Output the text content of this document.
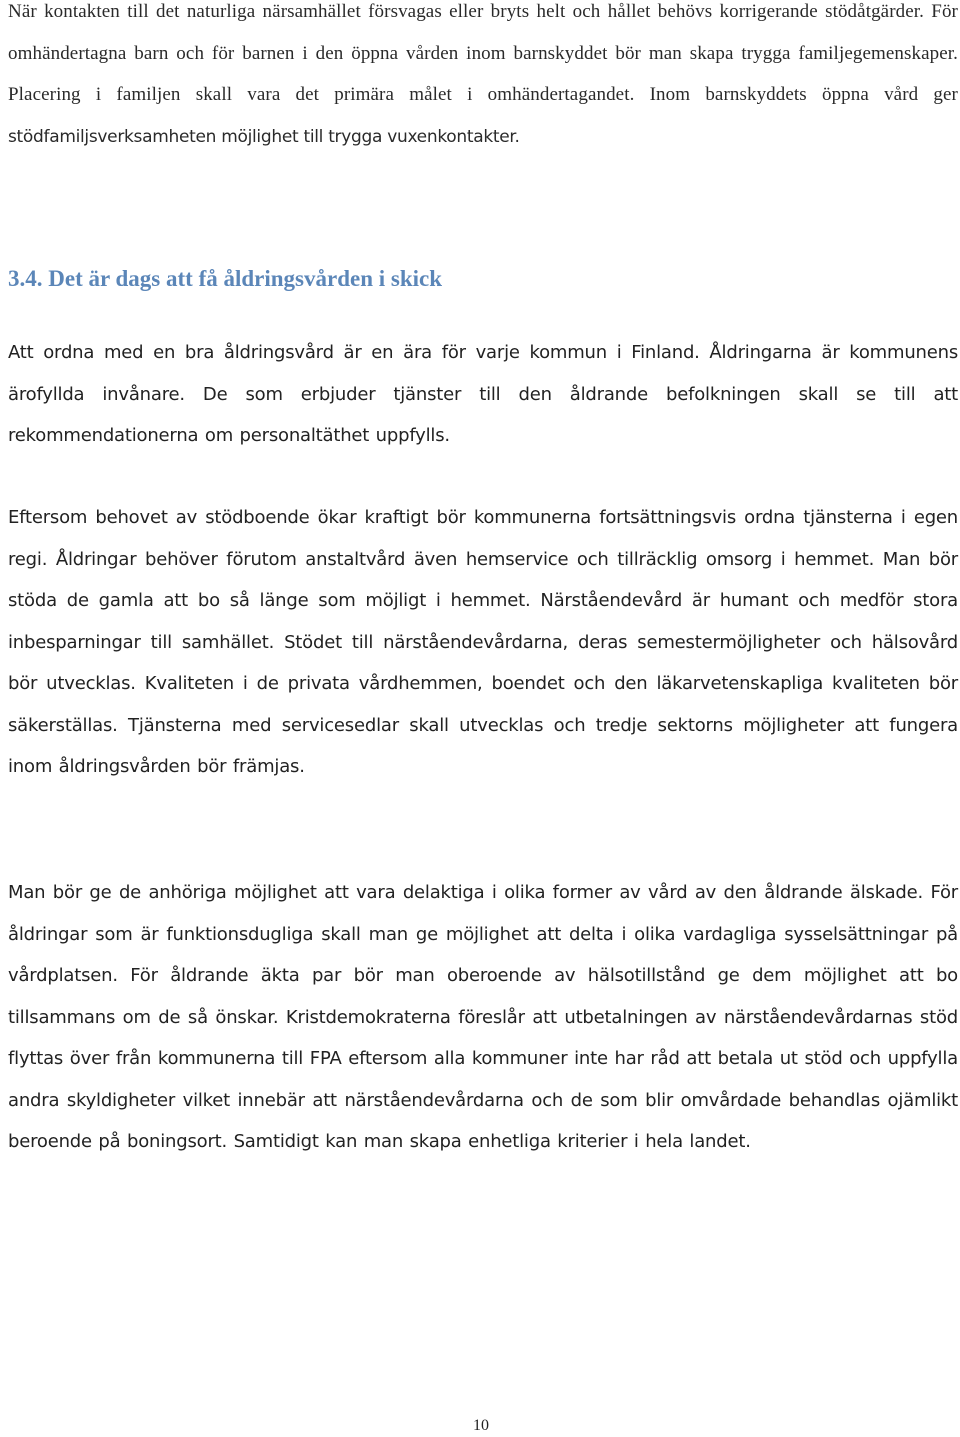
När kontakten till det naturliga närsamhället försvagas eller bryts helt och hållet behövs korrigerande stödåtgärder. För omhändertagna barn och för barnen i den öppna vården inom barnskyddet bör man skapa trygga familjegemenskaper. Placering i familjen skall vara det primära målet i omhändertagandet. Inom barnskyddets öppna vård ger stödfamiljsverksamheten möjlighet till trygga vuxenkontakter.

3.4. Det är dags att få åldringsvården i skick

Att ordna med en bra åldringsvård är en ära för varje kommun i Finland. Åldringarna är kommunens ärofyllda invånare. De som erbjuder tjänster till den åldrande befolkningen skall se till att rekommendationerna om personaltäthet uppfylls.

Eftersom behovet av stödboende ökar kraftigt bör kommunerna fortsättningsvis ordna tjänsterna i egen regi. Åldringar behöver förutom anstaltvård även hemservice och tillräcklig omsorg i hemmet. Man bör stöda de gamla att bo så länge som möjligt i hemmet. Närståendevård är humant och medför stora inbesparningar till samhället. Stödet till närståendevårdarna, deras semestermöjligheter och hälsovård bör utvecklas. Kvaliteten i de privata vårdhemmen, boendet och den läkarvetenskapliga kvaliteten bör säkerställas. Tjänsterna med servicesedlar skall utvecklas och tredje sektorns möjligheter att fungera inom åldringsvården bör främjas.

Man bör ge de anhöriga möjlighet att vara delaktiga i olika former av vård av den åldrande älskade. För åldringar som är funktionsdugliga skall man ge möjlighet att delta i olika vardagliga sysselsättningar på vårdplatsen. För åldrande äkta par bör man oberoende av hälsotillstånd ge dem möjlighet att bo tillsammans om de så önskar. Kristdemokraterna föreslår att utbetalningen av närståendevårdarnas stöd flyttas över från kommunerna till FPA eftersom alla kommuner inte har råd att betala ut stöd och uppfylla andra skyldigheter vilket innebär att närståendevårdarna och de som blir omvårdade behandlas ojämlikt beroende på boningsort. Samtidigt kan man skapa enhetliga kriterier i hela landet.

10
